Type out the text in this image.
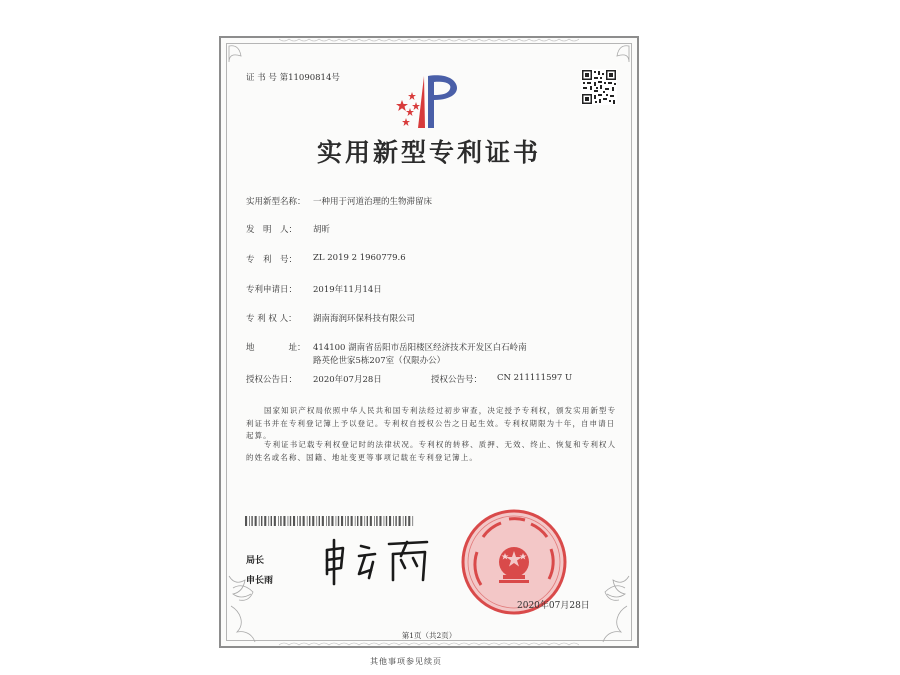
证 书 号 第11090814号
实用新型专利证书
实用新型名称： 一种用于河道治理的生物滞留床
发　明　人： 胡昕
专　利　号： ZL 2019 2 1960779.6
专利申请日： 2019年11月14日
专 利 权 人： 湖南海润环保科技有限公司
地　　　　址： 414100 湖南省岳阳市岳阳楼区经济技术开发区白石岭南
路英伦世家5栋207室（仅限办公）
授权公告日： 2020年07月28日	授权公告号： CN 211111597 U
国家知识产权局依照中华人民共和国专利法经过初步审查，决定授予专利权，颁发实用新型专利证书并在专利登记簿上予以登记。专利权自授权公告之日起生效。专利权期限为十年，自申请日起算。
专利证书记载专利权登记时的法律状况。专利权的转移、质押、无效、终止、恢复和专利权人的姓名或名称、国籍、地址变更等事项记载在专利登记簿上。
局长
申长雨
2020年07月28日
第1页（共2页）
其他事项参见续页
